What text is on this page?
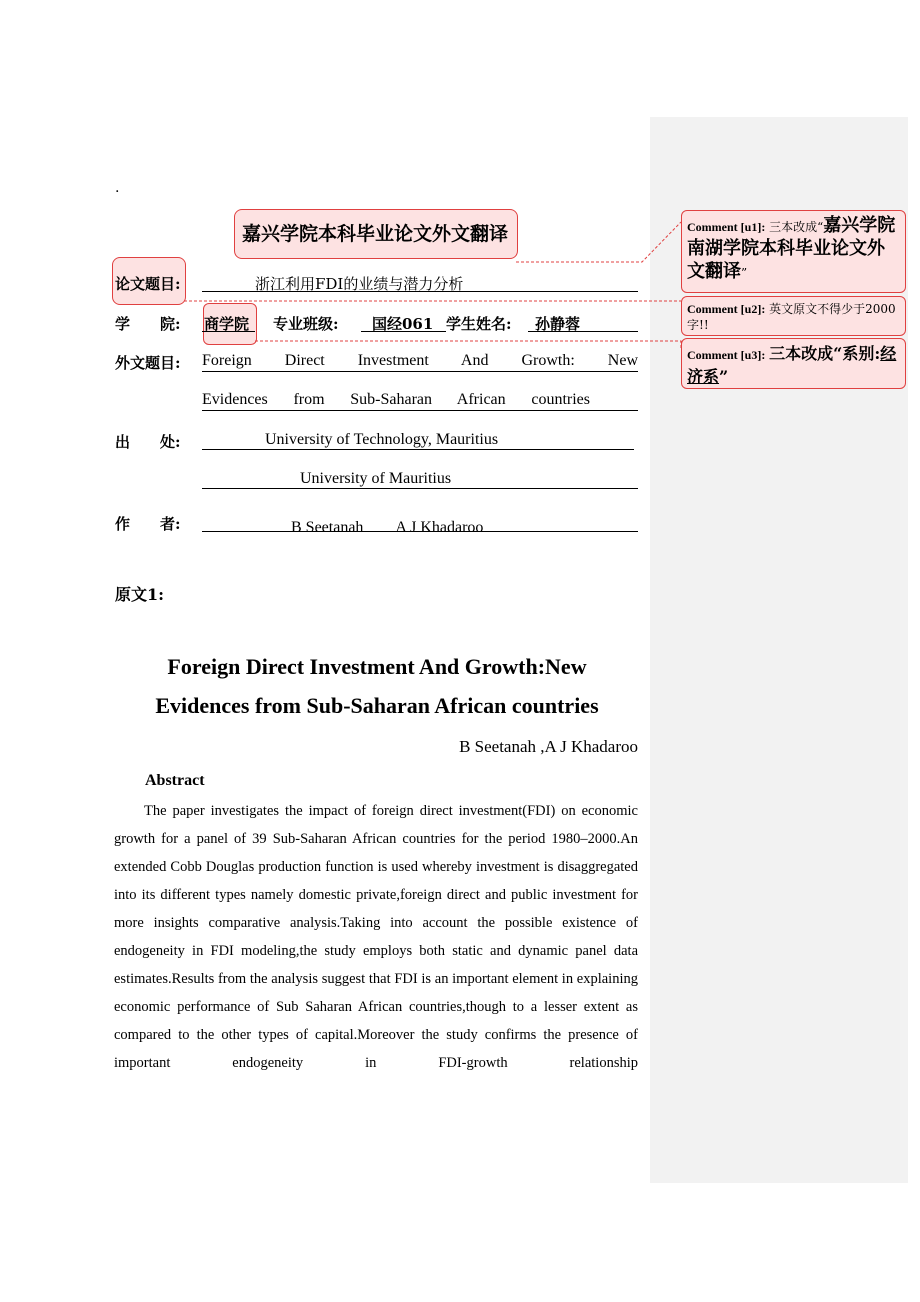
.
嘉兴学院本科毕业论文外文翻译
论文题目:	浙江利用FDI的业绩与潜力分析
学　　院: 商学院 专业班级: 国经061 学生姓名: 孙静蓉
外文题目: Foreign Direct Investment And Growth: New
Evidences from Sub-Saharan African countries
出　　处:	University of Technology, Mauritius
University of Mauritius
作　　者:	B Seetanah　　A J Khadaroo
原文1:
Foreign Direct Investment And Growth:New
Evidences from Sub-Saharan African countries
B Seetanah ,A J Khadaroo
Abstract
The paper investigates the impact of foreign direct investment(FDI) on economic growth for a panel of 39 Sub-Saharan African countries for the period 1980–2000.An extended Cobb Douglas production function is used whereby investment is disaggregated into its different types namely domestic private,foreign direct and public investment for more insights comparative analysis.Taking into account the possible existence of endogeneity in FDI modeling,the study employs both static and dynamic panel data estimates.Results from the analysis suggest that FDI is an important element in explaining economic performance of Sub Saharan African countries,though to a lesser extent as compared to the other types of capital.Moreover the study confirms the presence of important endogeneity in FDI-growth relationship
Comment [u1]: 三本改成“嘉兴学院南湖学院本科毕业论文外文翻译”
Comment [u2]: 英文原文不得少于2000字!!
Comment [u3]: 三本改成“系别:经济系”
